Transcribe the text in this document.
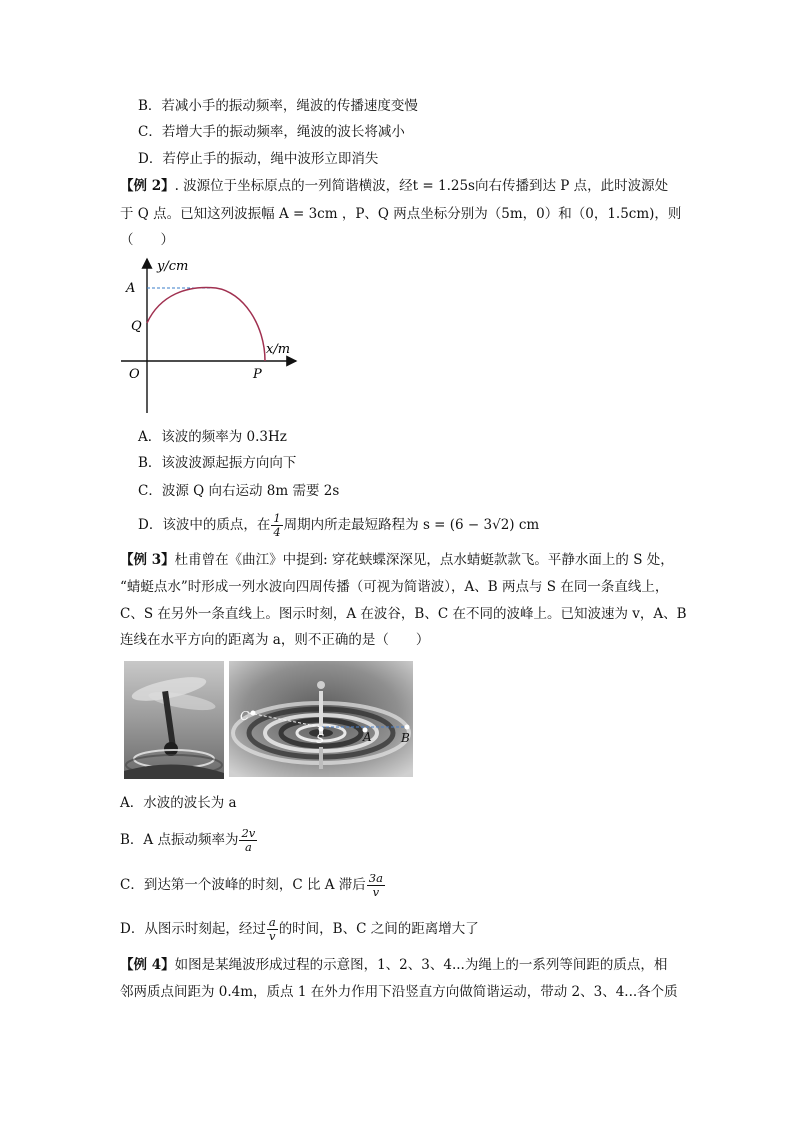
B．若减小手的振动频率，绳波的传播速度变慢
C．若增大手的振动频率，绳波的波长将减小
D．若停止手的振动，绳中波形立即消失
【例 2】. 波源位于坐标原点的一列简谐横波，经t = 1.25s向右传播到达 P 点，此时波源处
于 Q 点。已知这列波振幅 A = 3cm ，P、Q 两点坐标分别为（5m，0）和（0，1.5cm)，则
（　　）
y/cm
x/m
A
Q
O	P
A．该波的频率为 0.3Hz
B．该波波源起振方向向下
C．波源 Q 向右运动 8m 需要 2s
D．该波中的质点，在 $\frac{1}{4}$ 周期内所走最短路程为 s = (6 − 3√2) cm
【例 3】杜甫曾在《曲江》中提到: 穿花蛱蝶深深见，点水蜻蜓款款飞。平静水面上的 S 处，
“蜻蜓点水”时形成一列水波向四周传播（可视为简谐波），A、B 两点与 S 在同一条直线上，
C、S 在另外一条直线上。图示时刻，A 在波谷，B、C 在不同的波峰上。已知波速为 v，A、B
连线在水平方向的距离为 a，则不正确的是（　　）
C
S	A B
A．水波的波长为 a
B．A 点振动频率为 $\frac{2v}{a}$
C．到达第一个波峰的时刻，C 比 A 滞后 $\frac{3a}{v}$
D．从图示时刻起，经过 $\frac{a}{v}$ 的时间，B、C 之间的距离增大了
【例 4】如图是某绳波形成过程的示意图，1、2、3、4...为绳上的一系列等间距的质点，相
邻两质点间距为 0.4m，质点 1 在外力作用下沿竖直方向做简谐运动，带动 2、3、4...各个质
